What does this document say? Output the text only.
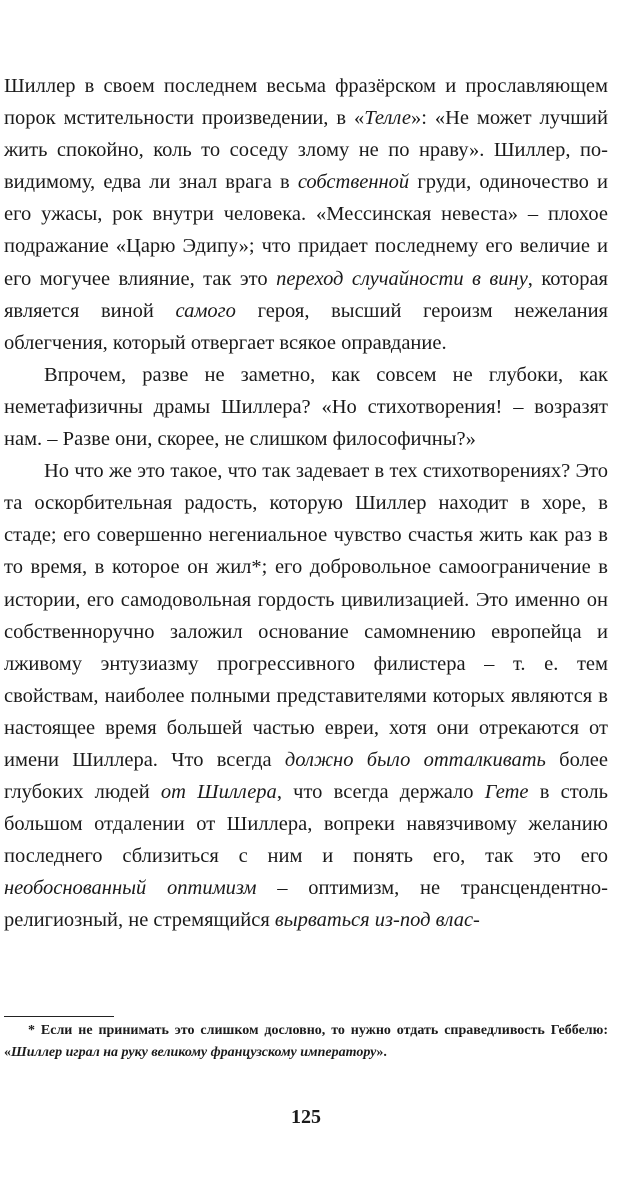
Шиллер в своем последнем весьма фразёрском и прославляющем порок мстительности произведении, в «Телле»: «Не может лучший жить спокойно, коль то соседу злому не по нраву». Шиллер, по-видимому, едва ли знал врага в собственной груди, одиночество и его ужасы, рок внутри человека. «Мессинская невеста» – плохое подражание «Царю Эдипу»; что придает последнему его величие и его могучее влияние, так это переход случайности в вину, которая является виной самого героя, высший героизм нежелания облегчения, который отвергает всякое оправдание.

Впрочем, разве не заметно, как совсем не глубоки, как неметафизичны драмы Шиллера? «Но стихотворения! – возразят нам. – Разве они, скорее, не слишком философичны?»

Но что же это такое, что так задевает в тех стихотворениях? Это та оскорбительная радость, которую Шиллер находит в хоре, в стаде; его совершенно негениальное чувство счастья жить как раз в то время, в которое он жил*; его добровольное самоограничение в истории, его самодовольная гордость цивилизацией. Это именно он собственноручно заложил основание самомнению европейца и лживому энтузиазму прогрессивного филистера – т. е. тем свойствам, наиболее полными представителями которых являются в настоящее время большей частью евреи, хотя они отрекаются от имени Шиллера. Что всегда должно было отталкивать более глубоких людей от Шиллера, что всегда держало Гете в столь большом отдалении от Шиллера, вопреки навязчивому желанию последнего сблизиться с ним и понять его, так это его необоснованный оптимизм – оптимизм, не трансцендентно-религиозный, не стремящийся вырваться из-под влас-

* Если не принимать это слишком дословно, то нужно отдать справедливость Геббелю: «Шиллер играл на руку великому французскому императору».

125
